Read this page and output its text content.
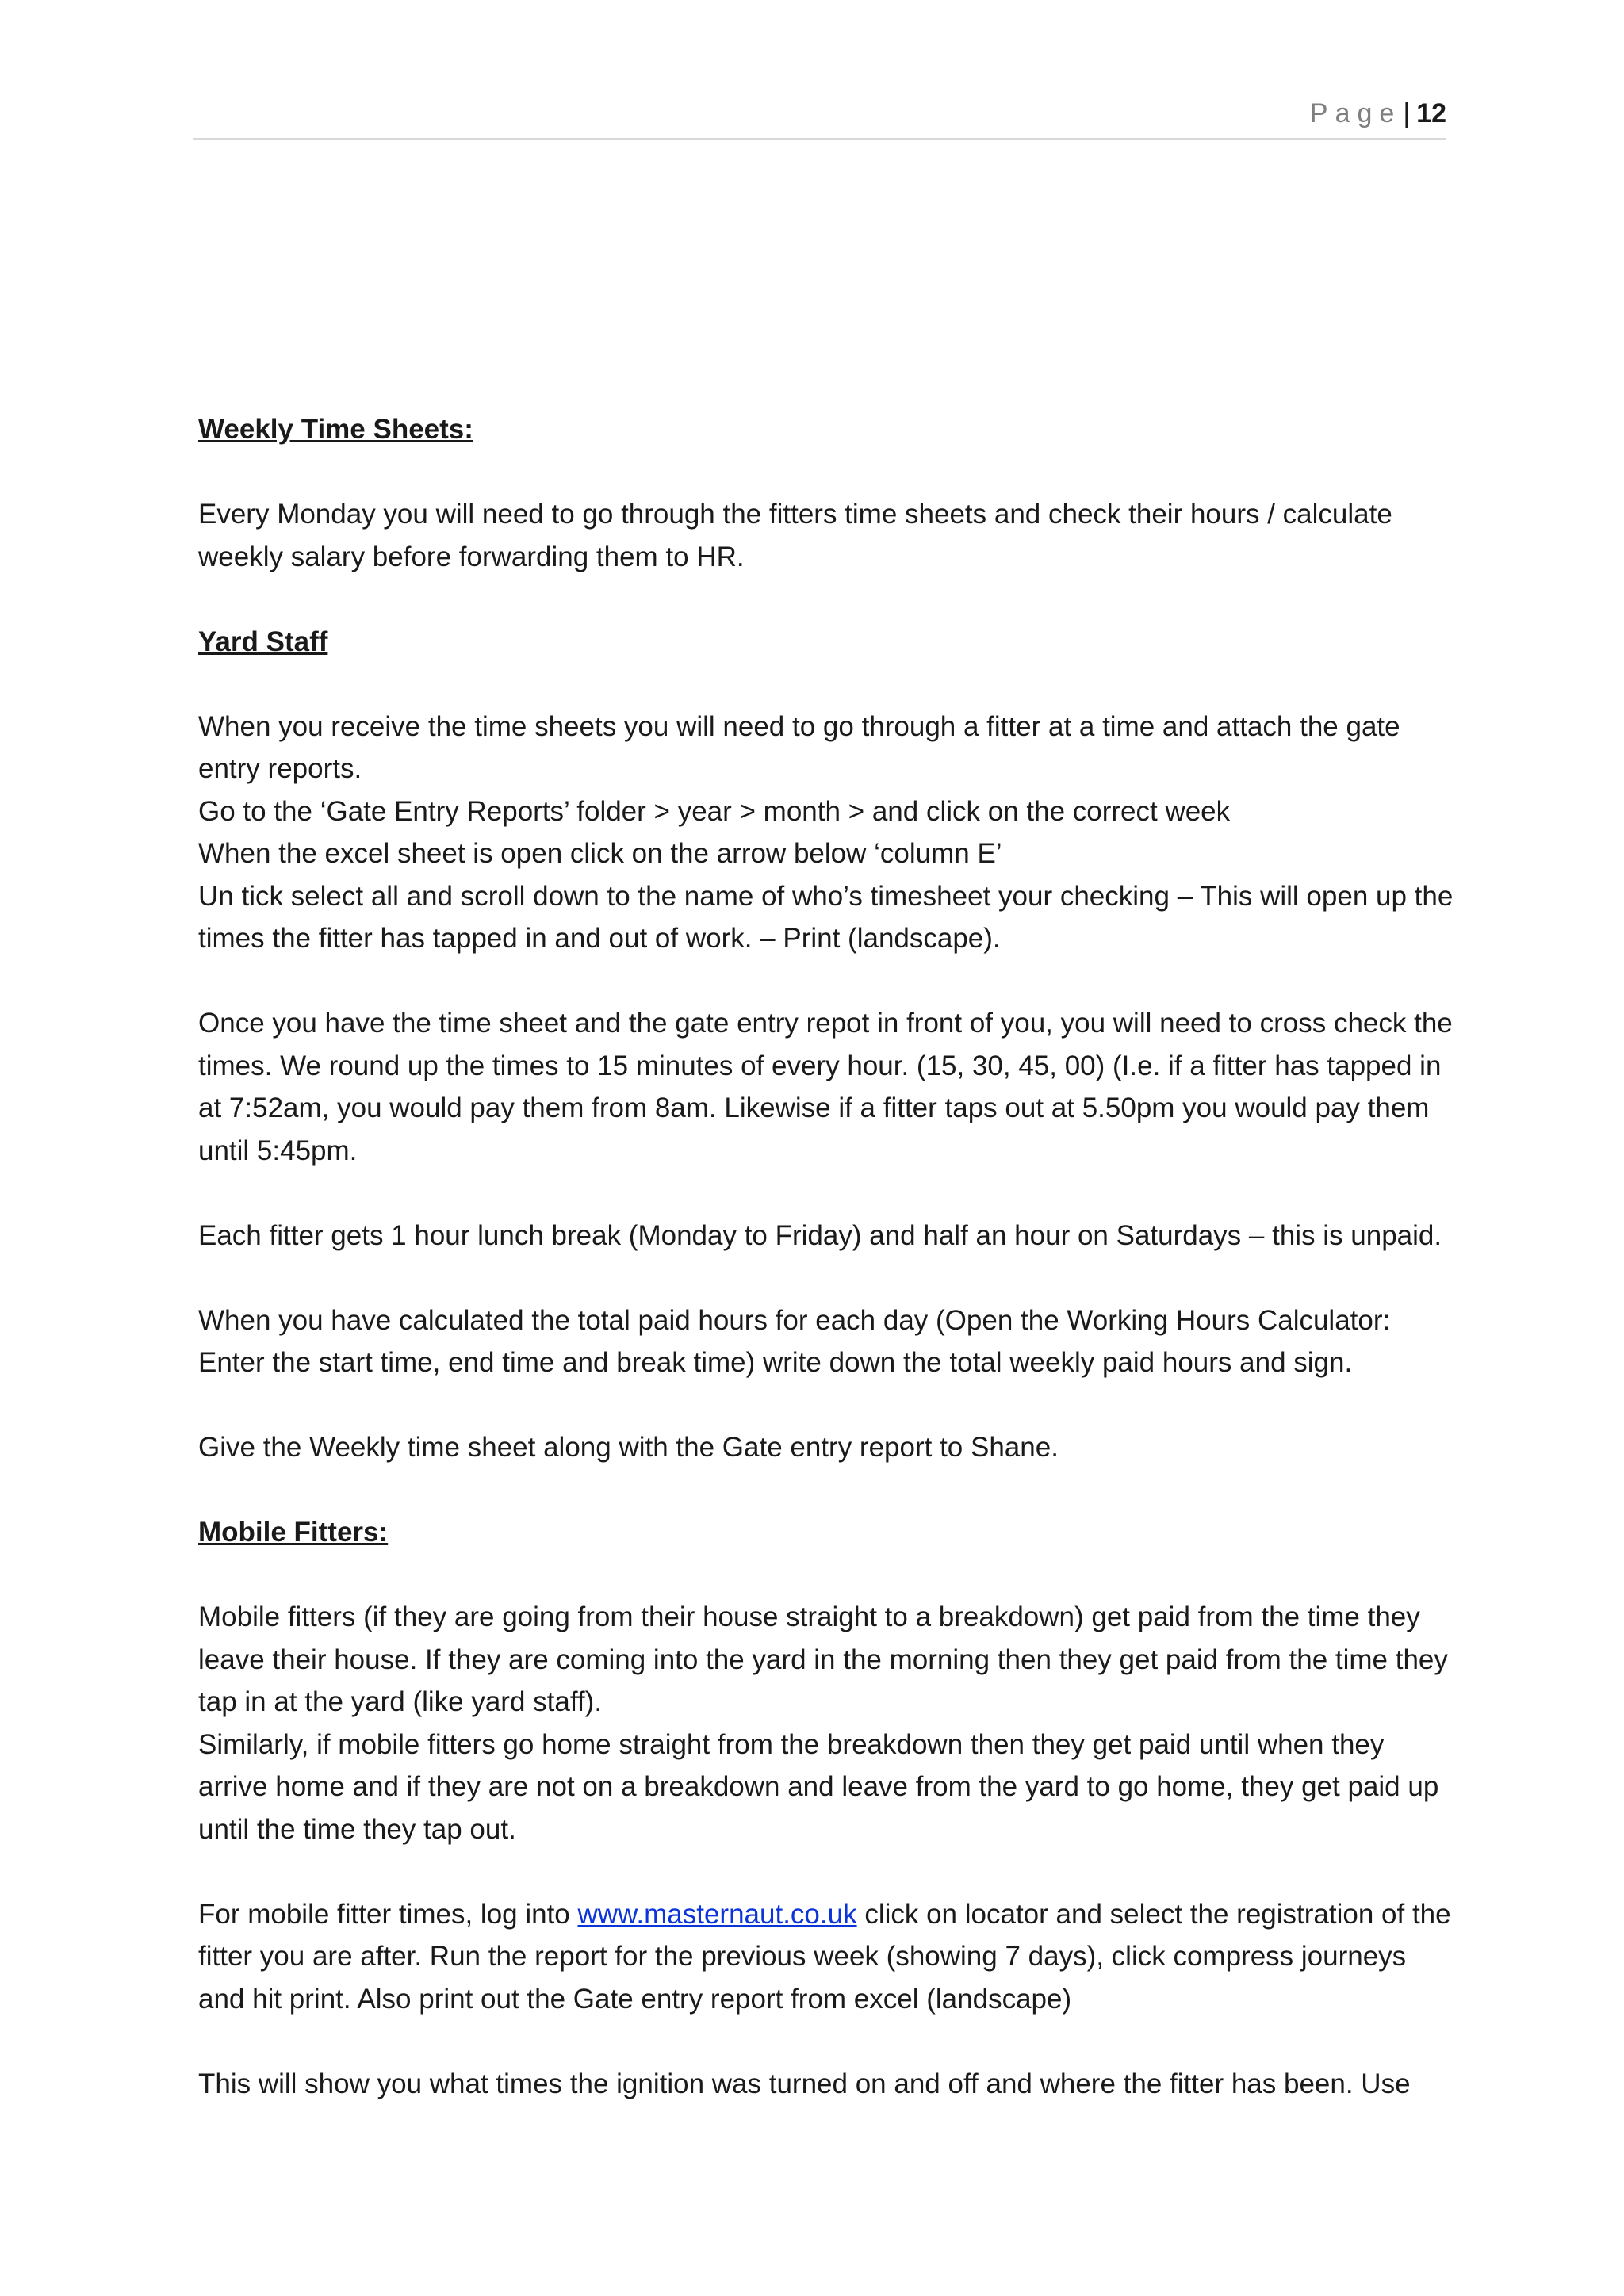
Page| 12

Weekly Time Sheets:

Every Monday you will need to go through the fitters time sheets and check their hours / calculate weekly salary before forwarding them to HR.

Yard Staff

When you receive the time sheets you will need to go through a fitter at a time and attach the gate entry reports.

Go to the ‘Gate Entry Reports’ folder > year > month > and click on the correct week

When the excel sheet is open click on the arrow below ‘column E’

Un tick select all and scroll down to the name of who’s timesheet your checking – This will open up the times the fitter has tapped in and out of work. – Print (landscape).

Once you have the time sheet and the gate entry repot in front of you, you will need to cross check the times. We round up the times to 15 minutes of every hour. (15, 30, 45, 00) (I.e. if a fitter has tapped in at 7:52am, you would pay them from 8am. Likewise if a fitter taps out at 5.50pm you would pay them until 5:45pm.

Each fitter gets 1 hour lunch break (Monday to Friday) and half an hour on Saturdays – this is unpaid.

When you have calculated the total paid hours for each day (Open the Working Hours Calculator: Enter the start time, end time and break time) write down the total weekly paid hours and sign.

Give the Weekly time sheet along with the Gate entry report to Shane.

Mobile Fitters:

Mobile fitters (if they are going from their house straight to a breakdown) get paid from the time they leave their house. If they are coming into the yard in the morning then they get paid from the time they tap in at the yard (like yard staff).

Similarly, if mobile fitters go home straight from the breakdown then they get paid until when they arrive home and if they are not on a breakdown and leave from the yard to go home, they get paid up until the time they tap out.

For mobile fitter times, log into www.masternaut.co.uk click on locator and select the registration of the fitter you are after. Run the report for the previous week (showing 7 days), click compress journeys and hit print. Also print out the Gate entry report from excel (landscape)

This will show you what times the ignition was turned on and off and where the fitter has been. Use
